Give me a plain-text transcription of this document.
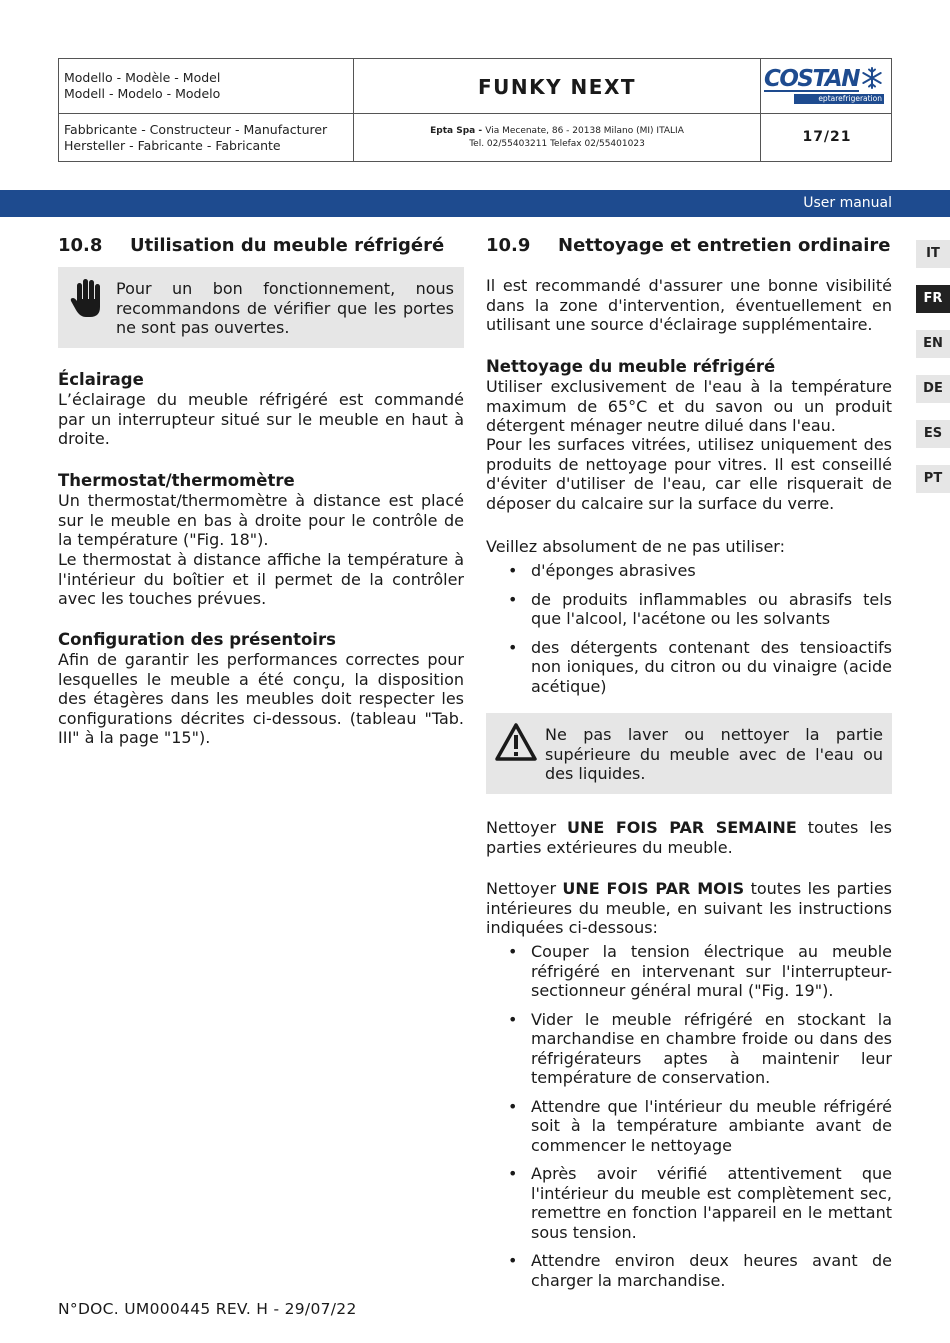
Modello - Modèle - Model
Modell - Modelo - Modelo	FUNKY NEXT
Fabbricante - Constructeur - Manufacturer
Hersteller - Fabricante - Fabricante
Epta Spa - Via Mecenate, 86 - 20138 Milano (MI) ITALIA
Tel. 02/55403211 Telefax 02/55401023	17/21
COSTAN
eptarefrigeration
User manual
IT
FR
EN
DE
ES
PT
10.8 Utilisation du meuble réfrigéré
Pour un bon fonctionnement, nous recommandons de vérifier que les portes ne sont pas ouvertes.

Éclairage

L’éclairage du meuble réfrigéré est commandé par un interrupteur situé sur le meuble en haut à droite.

Thermostat/thermomètre

Un thermostat/thermomètre à distance est placé sur le meuble en bas à droite pour le contrôle de la température ("Fig. 18").

Le thermostat à distance affiche la température à l'intérieur du boîtier et il permet de la contrôler avec les touches prévues.

Configuration des présentoirs

Afin de garantir les performances correctes pour lesquelles le meuble a été conçu, la disposition des étagères dans les meubles doit respecter les configurations décrites ci-dessous. (tableau "Tab. III" à la page "15").

10.9 Nettoyage et entretien ordinaire

Il est recommandé d'assurer une bonne visibilité dans la zone d'intervention, éventuellement en utilisant une source d'éclairage supplémentaire.

Nettoyage du meuble réfrigéré

Utiliser exclusivement de l'eau à la température maximum de 65°C et du savon ou un produit détergent ménager neutre dilué dans l'eau.

Pour les surfaces vitrées, utilisez uniquement des produits de nettoyage pour vitres. Il est conseillé d'éviter d'utiliser de l'eau, car elle risquerait de déposer du calcaire sur la surface du verre.

Veillez absolument de ne pas utiliser:

• d'éponges abrasives
• de produits inflammables ou abrasifs tels que l'alcool, l'acétone ou les solvants
• des détergents contenant des tensioactifs non ioniques, du citron ou du vinaigre (acide acétique)
Ne pas laver ou nettoyer la partie supérieure du meuble avec de l'eau ou des liquides.

Nettoyer UNE FOIS PAR SEMAINE toutes les parties extérieures du meuble.

Nettoyer UNE FOIS PAR MOIS toutes les parties intérieures du meuble, en suivant les instructions indiquées ci-dessous:

• Couper la tension électrique au meuble réfrigéré en intervenant sur l'interrupteur-sectionneur général mural ("Fig. 19").
• Vider le meuble réfrigéré en stockant la marchandise en chambre froide ou dans des réfrigérateurs aptes à maintenir leur température de conservation.
• Attendre que l'intérieur du meuble réfrigéré soit à la température ambiante avant de commencer le nettoyage
• Après avoir vérifié attentivement que l'intérieur du meuble est complètement sec, remettre en fonction l'appareil en le mettant sous tension.
• Attendre environ deux heures avant de charger la marchandise.
N°DOC. UM000445 REV. H - 29/07/22
